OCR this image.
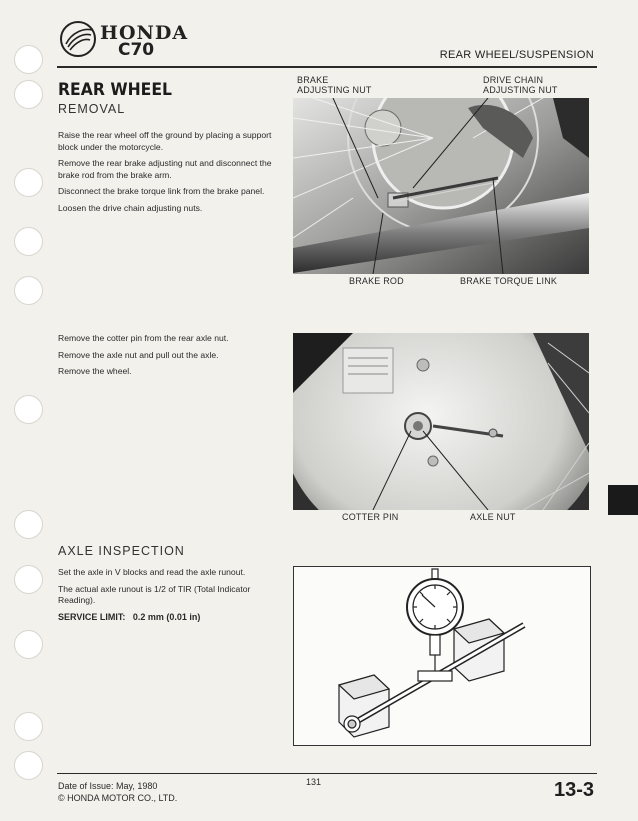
HONDA
C70	REAR WHEEL/SUSPENSION
REAR WHEEL
REMOVAL

Raise the rear wheel off the ground by placing a support block under the motorcycle.

Remove the rear brake adjusting nut and disconnect the brake rod from the brake arm.

Disconnect the brake torque link from the brake panel.

Loosen the drive chain adjusting nuts.

BRAKE
ADJUSTING NUT
DRIVE CHAIN
ADJUSTING NUT
BRAKE ROD	BRAKE TORQUE LINK

Remove the cotter pin from the rear axle nut.

Remove the axle nut and pull out the axle.

Remove the wheel.

COTTER PIN	AXLE NUT
AXLE INSPECTION

Set the axle in V blocks and read the axle runout.

The actual axle runout is 1/2 of TIR (Total Indicator Reading).

SERVICE LIMIT: 0.2 mm (0.01 in)

Date of Issue: May, 1980
© HONDA MOTOR CO., LTD.
131	13-3
